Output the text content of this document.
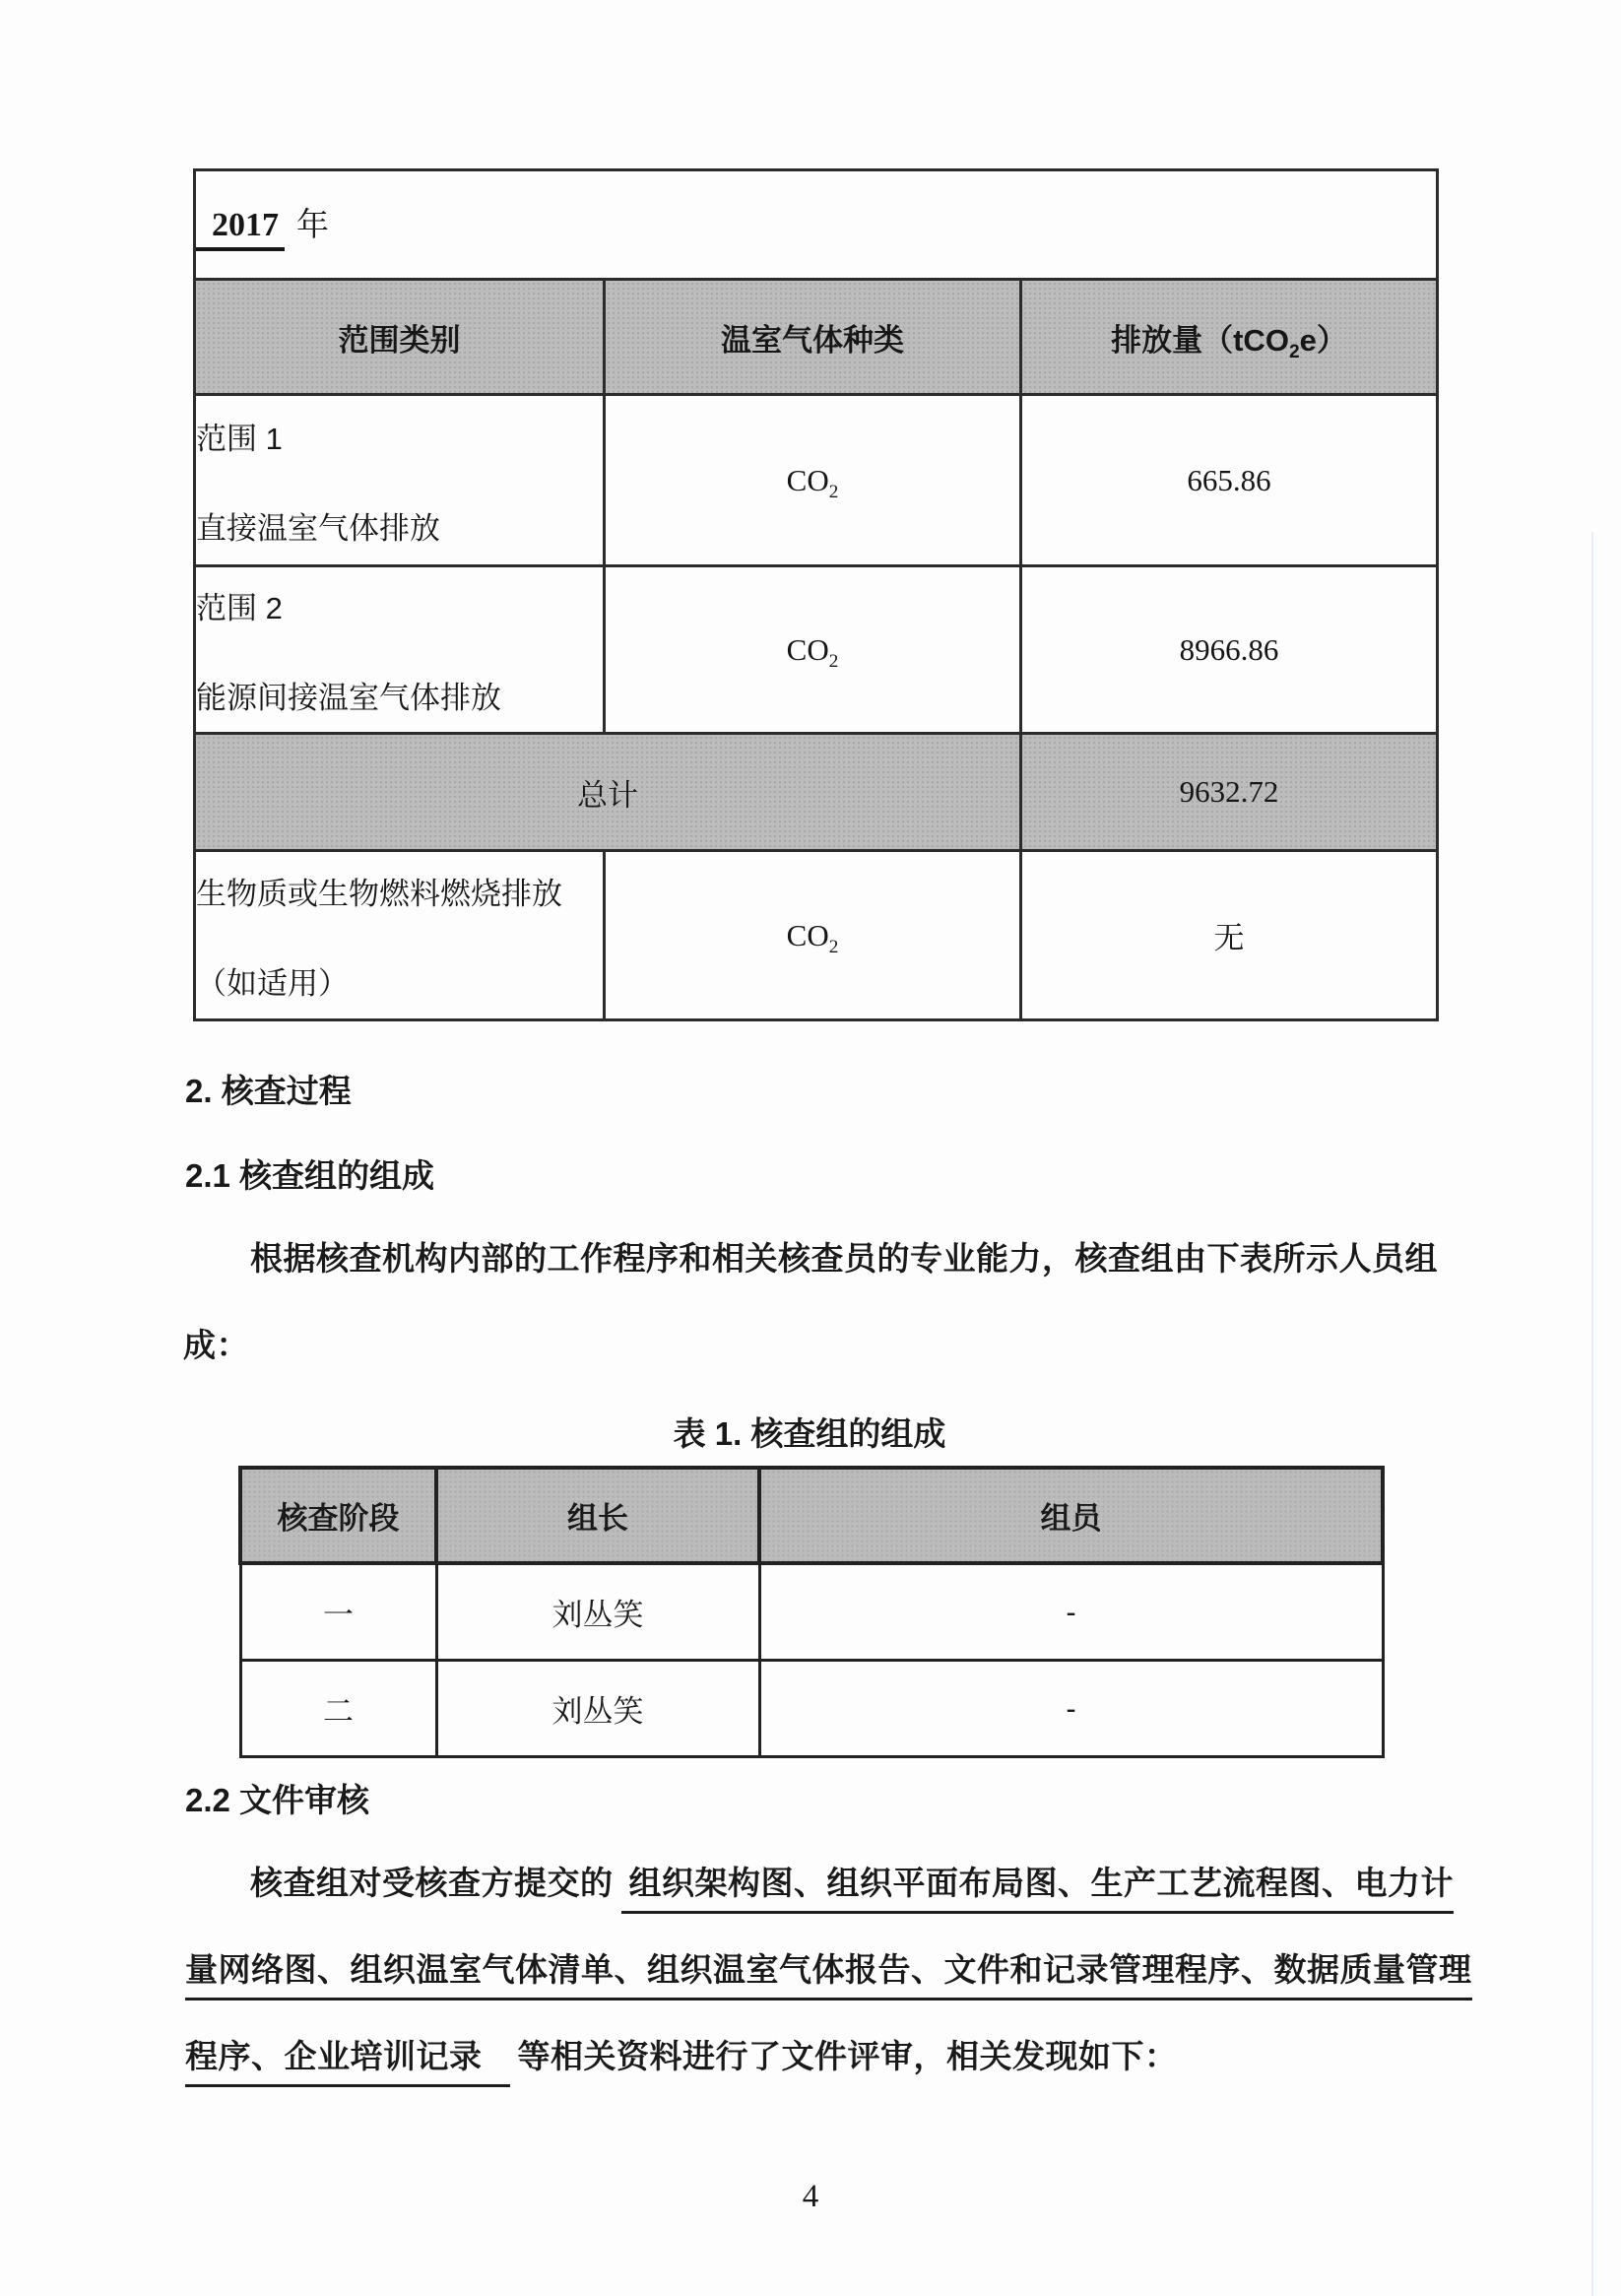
2017 年		
范围类别	温室气体种类	排放量（tCO$_2$e）

范围 1
直接温室气体排放	$CO_2$	665.86

范围 2
能源间接温室气体排放	$CO_2$	8966.86
总计		9632.72

生物质或生物燃料燃烧排放
（如适用）	$CO_2$	无
2. 核查过程
2.1 核查组的组成
根据核查机构内部的工作程序和相关核查员的专业能力，核查组由下表所示人员组
成：
表 1. 核查组的组成
核查阶段	组长	组员
一	刘丛笑	-
二	刘丛笑	-
2.2 文件审核
核查组对受核查方提交的 组织架构图、组织平面布局图、生产工艺流程图、电力计
量网络图、组织温室气体清单、组织温室气体报告、文件和记录管理程序、数据质量管理
程序、企业培训记录 等相关资料进行了文件评审，相关发现如下：
4
